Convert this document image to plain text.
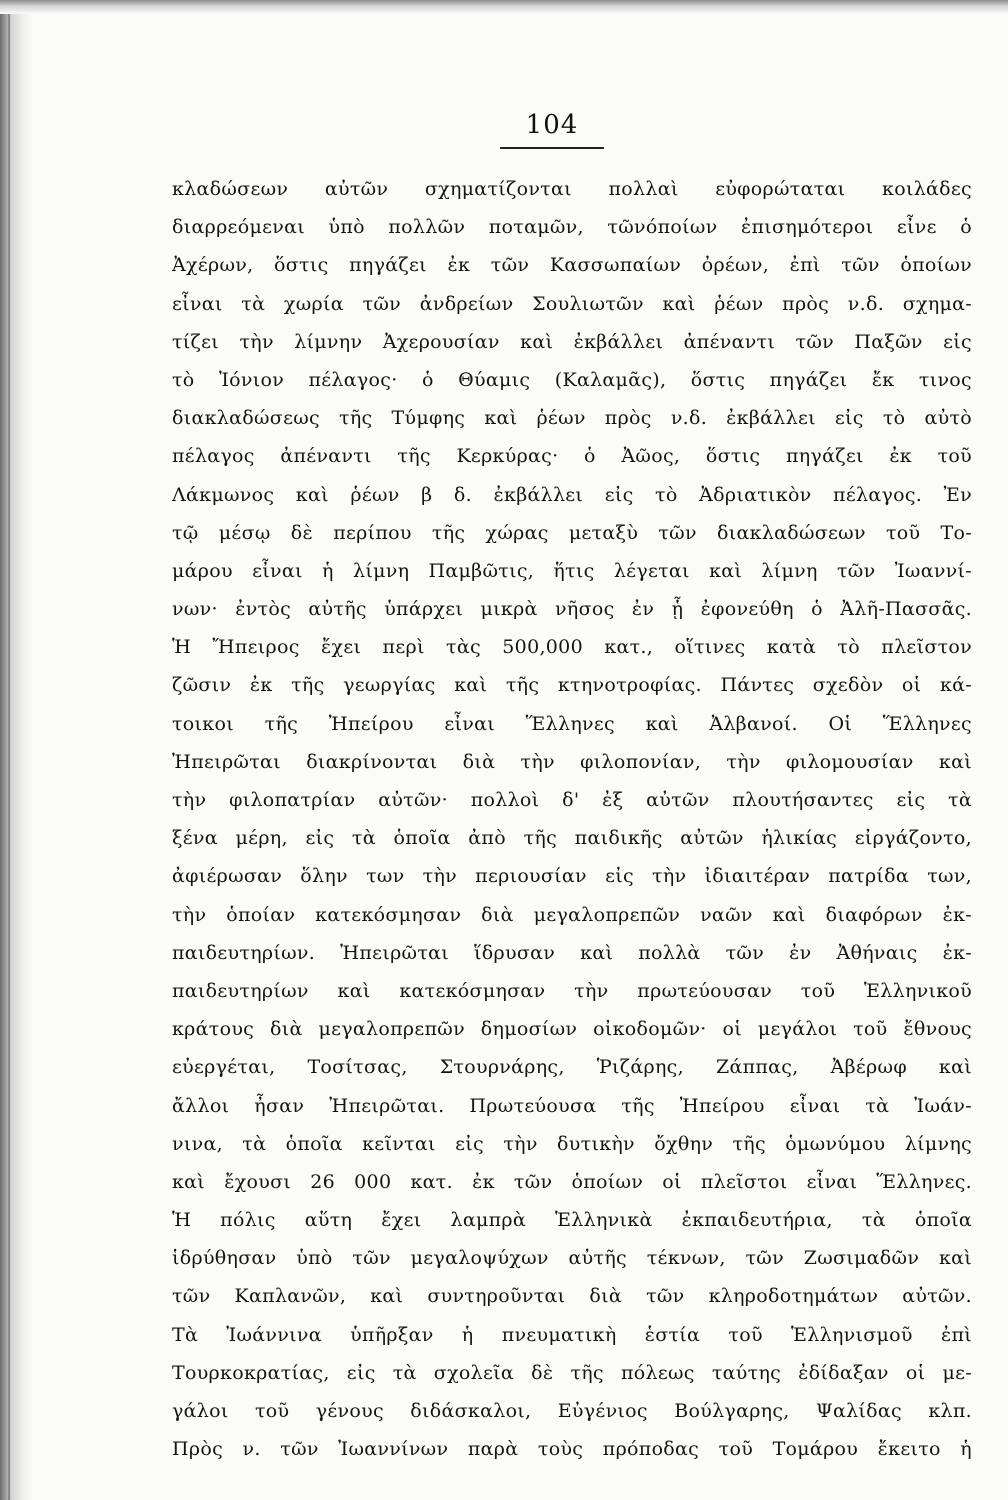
104
κλαδώσεων αὐτῶν σχηματίζονται πολλαὶ εὐφορώταται κοιλάδες
διαρρεόμεναι ὑπὸ πολλῶν ποταμῶν, τῶνόποίων ἐπισημότεροι εἶνε ὁ
Ἀχέρων, ὅστις πηγάζει ἐκ τῶν Κασσωπαίων ὀρέων, ἐπὶ τῶν ὁποίων
εἶναι τὰ χωρία τῶν ἀνδρείων Σουλιωτῶν καὶ ῥέων πρὸς ν.δ. σχημα-
τίζει τὴν λίμνην Ἀχερουσίαν καὶ ἐκβάλλει ἀπέναντι τῶν Παξῶν εἰς
τὸ Ἰόνιον πέλαγος· ὁ Θύαμις (Καλαμᾶς), ὅστις πηγάζει ἔκ τινος
διακλαδώσεως τῆς Τύμφης καὶ ῥέων πρὸς ν.δ. ἐκβάλλει εἰς τὸ αὐτὸ
πέλαγος ἀπέναντι τῆς Κερκύρας· ὁ Ἀῶος, ὅστις πηγάζει ἐκ τοῦ
Λάκμωνος καὶ ῥέων β δ. ἐκβάλλει εἰς τὸ Ἀδριατικὸν πέλαγος. Ἐν
τῷ μέσῳ δὲ περίπου τῆς χώρας μεταξὺ τῶν διακλαδώσεων τοῦ Το-
μάρου εἶναι ἡ λίμνη Παμβῶτις, ἥτις λέγεται καὶ λίμνη τῶν Ἰωαννί-
νων· ἐντὸς αὐτῆς ὑπάρχει μικρὰ νῆσος ἐν ᾗ ἐφονεύθη ὁ Ἀλῆ-Πασσᾶς.
Ἡ Ἤπειρος ἔχει περὶ τὰς 500,000 κατ., οἵτινες κατὰ τὸ πλεῖστον
ζῶσιν ἐκ τῆς γεωργίας καὶ τῆς κτηνοτροφίας. Πάντες σχεδὸν οἱ κά-
τοικοι τῆς Ἠπείρου εἶναι Ἕλληνες καὶ Ἀλβανοί. Οἱ Ἕλληνες
Ἠπειρῶται διακρίνονται διὰ τὴν φιλοπονίαν, τὴν φιλομουσίαν καὶ
τὴν φιλοπατρίαν αὐτῶν· πολλοὶ δ' ἐξ αὐτῶν πλουτήσαντες εἰς τὰ
ξένα μέρη, εἰς τὰ ὁποῖα ἀπὸ τῆς παιδικῆς αὐτῶν ἡλικίας εἰργάζοντο,
ἀφιέρωσαν ὅλην των τὴν περιουσίαν εἰς τὴν ἰδιαιτέραν πατρίδα των,
τὴν ὁποίαν κατεκόσμησαν διὰ μεγαλοπρεπῶν ναῶν καὶ διαφόρων ἐκ-
παιδευτηρίων. Ἠπειρῶται ἵδρυσαν καὶ πολλὰ τῶν ἐν Ἀθήναις ἐκ-
παιδευτηρίων καὶ κατεκόσμησαν τὴν πρωτεύουσαν τοῦ Ἑλληνικοῦ
κράτους διὰ μεγαλοπρεπῶν δημοσίων οἰκοδομῶν· οἱ μεγάλοι τοῦ ἔθνους
εὐεργέται, Τοσίτσας, Στουρνάρης, Ῥιζάρης, Ζάππας, Ἀβέρωφ καὶ
ἄλλοι ἦσαν Ἠπειρῶται. Πρωτεύουσα τῆς Ἠπείρου εἶναι τὰ Ἰωάν-
νινα, τὰ ὁποῖα κεῖνται εἰς τὴν δυτικὴν ὄχθην τῆς ὁμωνύμου λίμνης
καὶ ἔχουσι 26 000 κατ. ἐκ τῶν ὁποίων οἱ πλεῖστοι εἶναι Ἕλληνες.
Ἡ πόλις αὕτη ἔχει λαμπρὰ Ἑλληνικὰ ἐκπαιδευτήρια, τὰ ὁποῖα
ἱδρύθησαν ὑπὸ τῶν μεγαλοψύχων αὐτῆς τέκνων, τῶν Ζωσιμαδῶν καὶ
τῶν Καπλανῶν, καὶ συντηροῦνται διὰ τῶν κληροδοτημάτων αὐτῶν.
Τὰ Ἰωάννινα ὑπῆρξαν ἡ πνευματικὴ ἑστία τοῦ Ἑλληνισμοῦ ἐπὶ
Τουρκοκρατίας, εἰς τὰ σχολεῖα δὲ τῆς πόλεως ταύτης ἐδίδαξαν οἱ με-
γάλοι τοῦ γένους διδάσκαλοι, Εὐγένιος Βούλγαρης, Ψαλίδας κλπ.
Πρὸς ν. τῶν Ἰωαννίνων παρὰ τοὺς πρόποδας τοῦ Τομάρου ἔκειτο ἡ
